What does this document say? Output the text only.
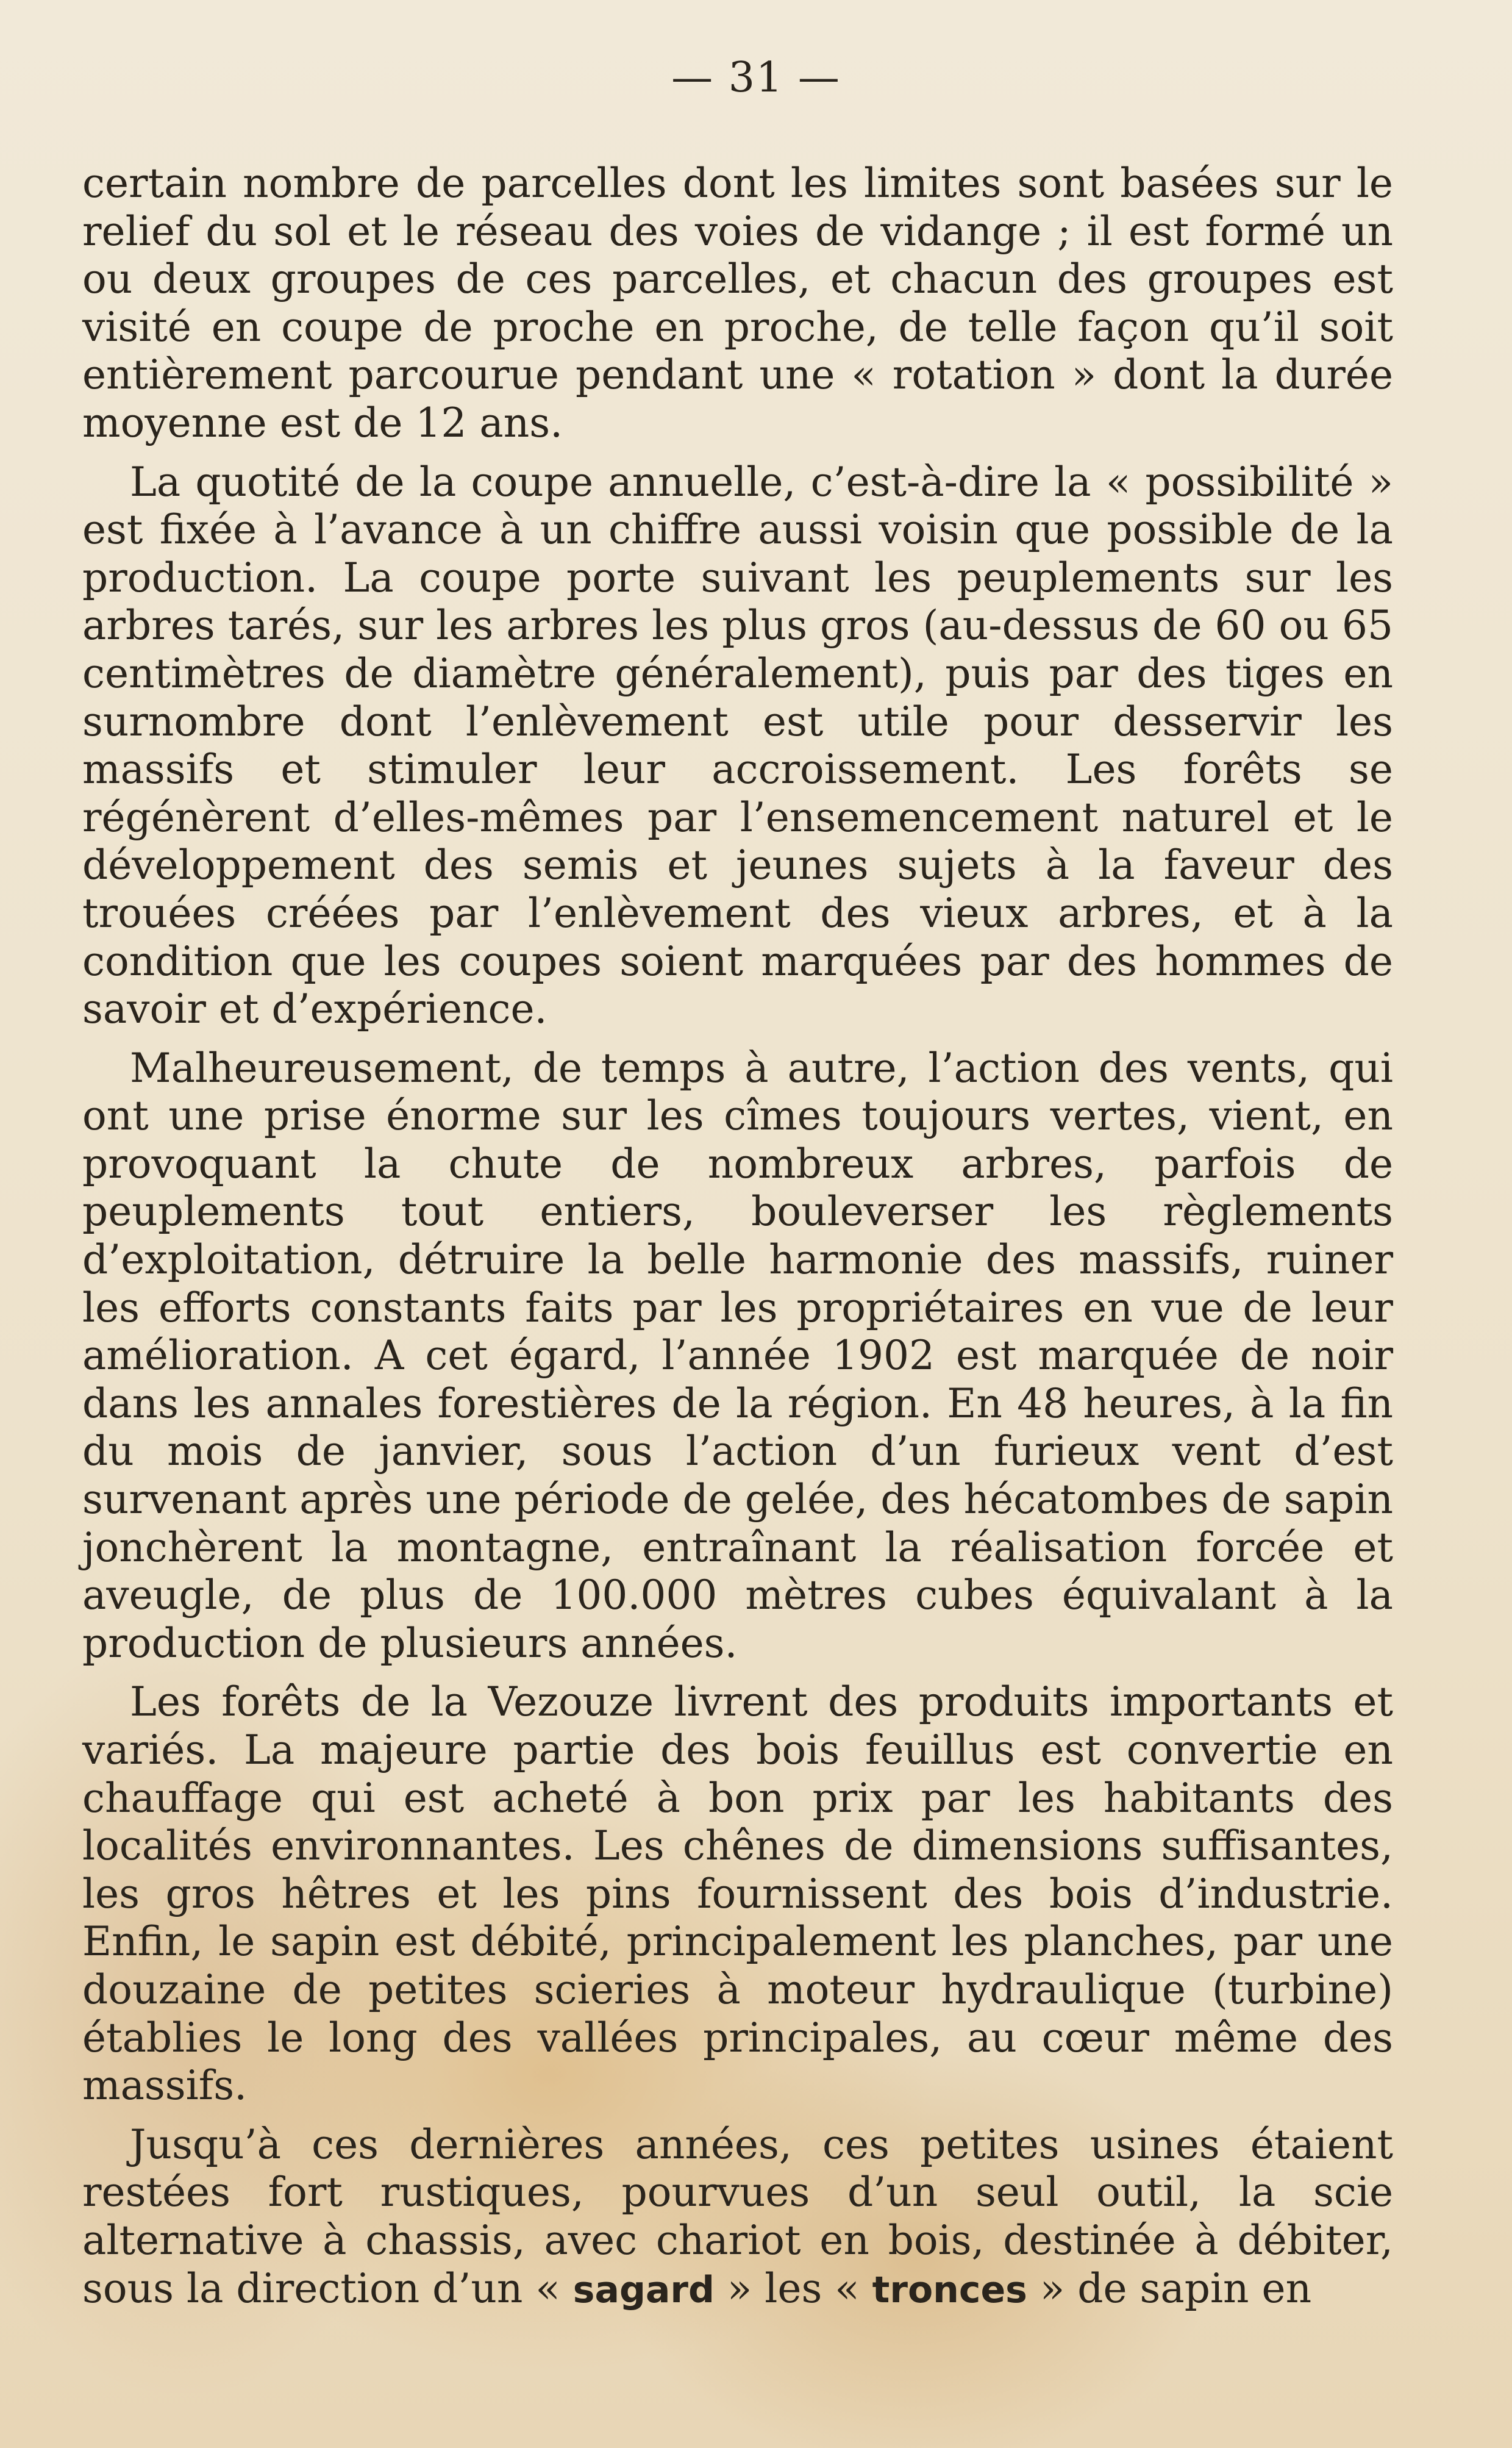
— 31 —

certain nombre de parcelles dont les limites sont basées sur le relief du sol et le réseau des voies de vidange ; il est formé un ou deux groupes de ces parcelles, et chacun des groupes est visité en coupe de proche en proche, de telle façon qu’il soit entièrement parcourue pendant une « rotation » dont la durée moyenne est de 12 ans.

La quotité de la coupe annuelle, c’est-à-dire la « possibilité » est fixée à l’avance à un chiffre aussi voisin que possible de la production. La coupe porte suivant les peuplements sur les arbres tarés, sur les arbres les plus gros (au-dessus de 60 ou 65 centimètres de diamètre généralement), puis par des tiges en surnombre dont l’enlèvement est utile pour desservir les massifs et stimuler leur accroissement. Les forêts se régénèrent d’elles-mêmes par l’ensemencement naturel et le développement des semis et jeunes sujets à la faveur des trouées créées par l’enlèvement des vieux arbres, et à la condition que les coupes soient marquées par des hommes de savoir et d’expérience.

Malheureusement, de temps à autre, l’action des vents, qui ont une prise énorme sur les cîmes toujours vertes, vient, en provoquant la chute de nombreux arbres, parfois de peuplements tout entiers, bouleverser les règlements d’exploitation, détruire la belle harmonie des massifs, ruiner les efforts constants faits par les propriétaires en vue de leur amélioration. A cet égard, l’année 1902 est marquée de noir dans les annales forestières de la région. En 48 heures, à la fin du mois de janvier, sous l’action d’un furieux vent d’est survenant après une période de gelée, des hécatombes de sapin jonchèrent la montagne, entraînant la réalisation forcée et aveugle, de plus de 100.000 mètres cubes équivalant à la production de plusieurs années.

Les forêts de la Vezouze livrent des produits importants et variés. La majeure partie des bois feuillus est convertie en chauffage qui est acheté à bon prix par les habitants des localités environnantes. Les chênes de dimensions suffisantes, les gros hêtres et les pins fournissent des bois d’industrie. Enfin, le sapin est débité, principalement les planches, par une douzaine de petites scieries à moteur hydraulique (turbine) établies le long des vallées principales, au cœur même des massifs.

Jusqu’à ces dernières années, ces petites usines étaient restées fort rustiques, pourvues d’un seul outil, la scie alternative à chassis, avec chariot en bois, destinée à débiter, sous la direction d’un « sagard » les « tronces » de sapin en
